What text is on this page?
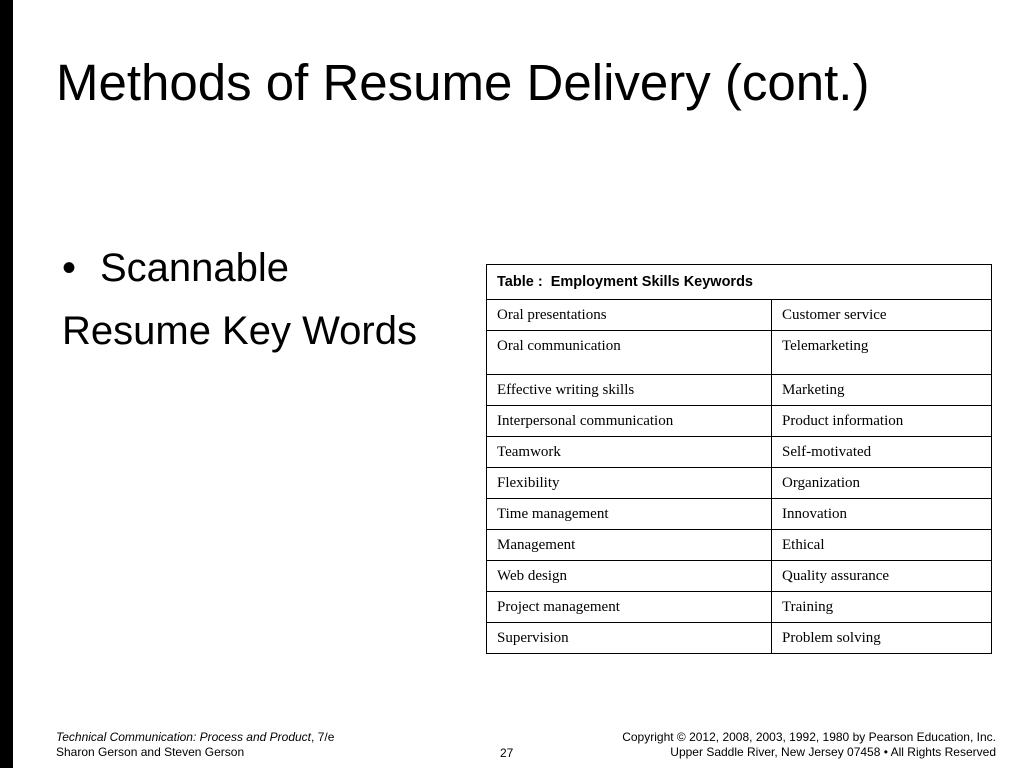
Methods of Resume Delivery (cont.)
• Scannable
Resume Key Words
Table : Employment Skills Keywords	
Oral presentations	Customer service
Oral communication	Telemarketing
Effective writing skills	Marketing
Interpersonal communication	Product information
Teamwork	Self-motivated
Flexibility	Organization
Time management	Innovation
Management	Ethical
Web design	Quality assurance
Project management	Training
Supervision	Problem solving
Technical Communication: Process and Product, 7/e
Sharon Gerson and Steven Gerson	27
Copyright © 2012, 2008, 2003, 1992, 1980 by Pearson Education, Inc.
Upper Saddle River, New Jersey 07458 • All Rights Reserved
